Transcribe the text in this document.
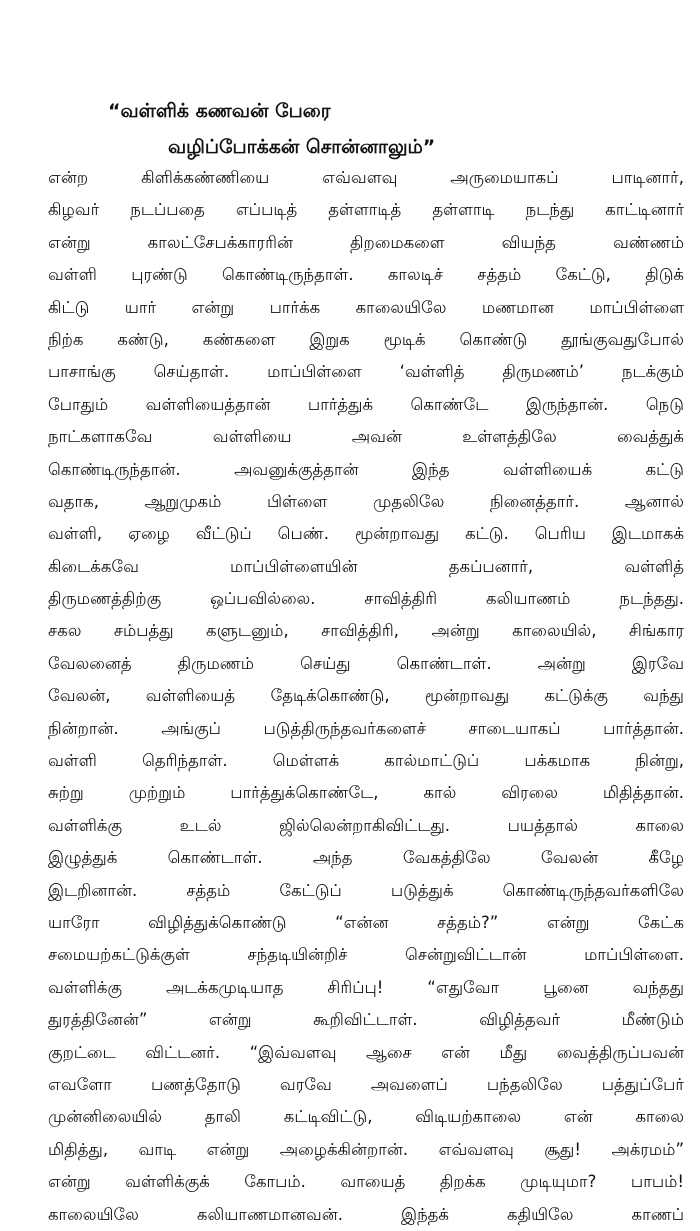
“வள்ளிக் கணவன் பேரை
வழிப்போக்கன் சொன்னாலும்”
என்ற கிளிக்கண்ணியை எவ்வளவு அருமையாகப் பாடினார்,
கிழவர் நடப்பதை எப்படித் தள்ளாடித் தள்ளாடி நடந்து காட்டினார்
என்று காலட்சேபக்காரரின் திறமைகளை வியந்த வண்ணம்
வள்ளி புரண்டு கொண்டிருந்தாள். காலடிச் சத்தம் கேட்டு, திடுக்
கிட்டு யார் என்று பார்க்க காலையிலே மணமான மாப்பிள்ளை
நிற்க கண்டு, கண்களை இறுக மூடிக் கொண்டு தூங்குவதுபோல்
பாசாங்கு செய்தாள். மாப்பிள்ளை ‘வள்ளித் திருமணம்’ நடக்கும்
போதும் வள்ளியைத்தான் பார்த்துக் கொண்டே இருந்தான். நெடு
நாட்களாகவே வள்ளியை அவன் உள்ளத்திலே வைத்துக்
கொண்டிருந்தான். அவனுக்குத்தான் இந்த வள்ளியைக் கட்டு
வதாக, ஆறுமுகம் பிள்ளை முதலிலே நினைத்தார். ஆனால்
வள்ளி, ஏழை வீட்டுப் பெண். மூன்றாவது கட்டு. பெரிய இடமாகக்
கிடைக்கவே மாப்பிள்ளையின் தகப்பனார், வள்ளித்
திருமணத்திற்கு ஒப்பவில்லை. சாவித்திரி கலியாணம் நடந்தது.
சகல சம்பத்து களுடனும், சாவித்திரி, அன்று காலையில், சிங்கார
வேலனைத் திருமணம் செய்து கொண்டாள். அன்று இரவே
வேலன், வள்ளியைத் தேடிக்கொண்டு, மூன்றாவது கட்டுக்கு வந்து
நின்றான். அங்குப் படுத்திருந்தவர்களைச் சாடையாகப் பார்த்தான்.
வள்ளி தெரிந்தாள். மெள்ளக் கால்மாட்டுப் பக்கமாக நின்று,
சுற்று முற்றும் பார்த்துக்கொண்டே, கால் விரலை மிதித்தான்.
வள்ளிக்கு உடல் ஜில்லென்றாகிவிட்டது. பயத்தால் காலை
இழுத்துக் கொண்டாள். அந்த வேகத்திலே வேலன் கீழே
இடறினான். சத்தம் கேட்டுப் படுத்துக் கொண்டிருந்தவர்களிலே
யாரோ விழித்துக்கொண்டு “என்ன சத்தம்?” என்று கேட்க
சமையற்கட்டுக்குள் சந்தடியின்றிச் சென்றுவிட்டான் மாப்பிள்ளை.
வள்ளிக்கு அடக்கமுடியாத சிரிப்பு! “எதுவோ பூனை வந்தது
துரத்தினேன்” என்று கூறிவிட்டாள். விழித்தவர் மீண்டும்
குறட்டை விட்டனர். “இவ்வளவு ஆசை என் மீது வைத்திருப்பவன்
எவளோ பணத்தோடு வரவே அவளைப் பந்தலிலே பத்துப்பேர்
முன்னிலையில் தாலி கட்டிவிட்டு, விடியற்காலை என் காலை
மிதித்து, வாடி என்று அழைக்கின்றான். எவ்வளவு சூது! அக்ரமம்”
என்று வள்ளிக்குக் கோபம். வாயைத் திறக்க முடியுமா? பாபம்!
காலையிலே கலியாணமானவன். இந்தக் கதியிலே காணப்
